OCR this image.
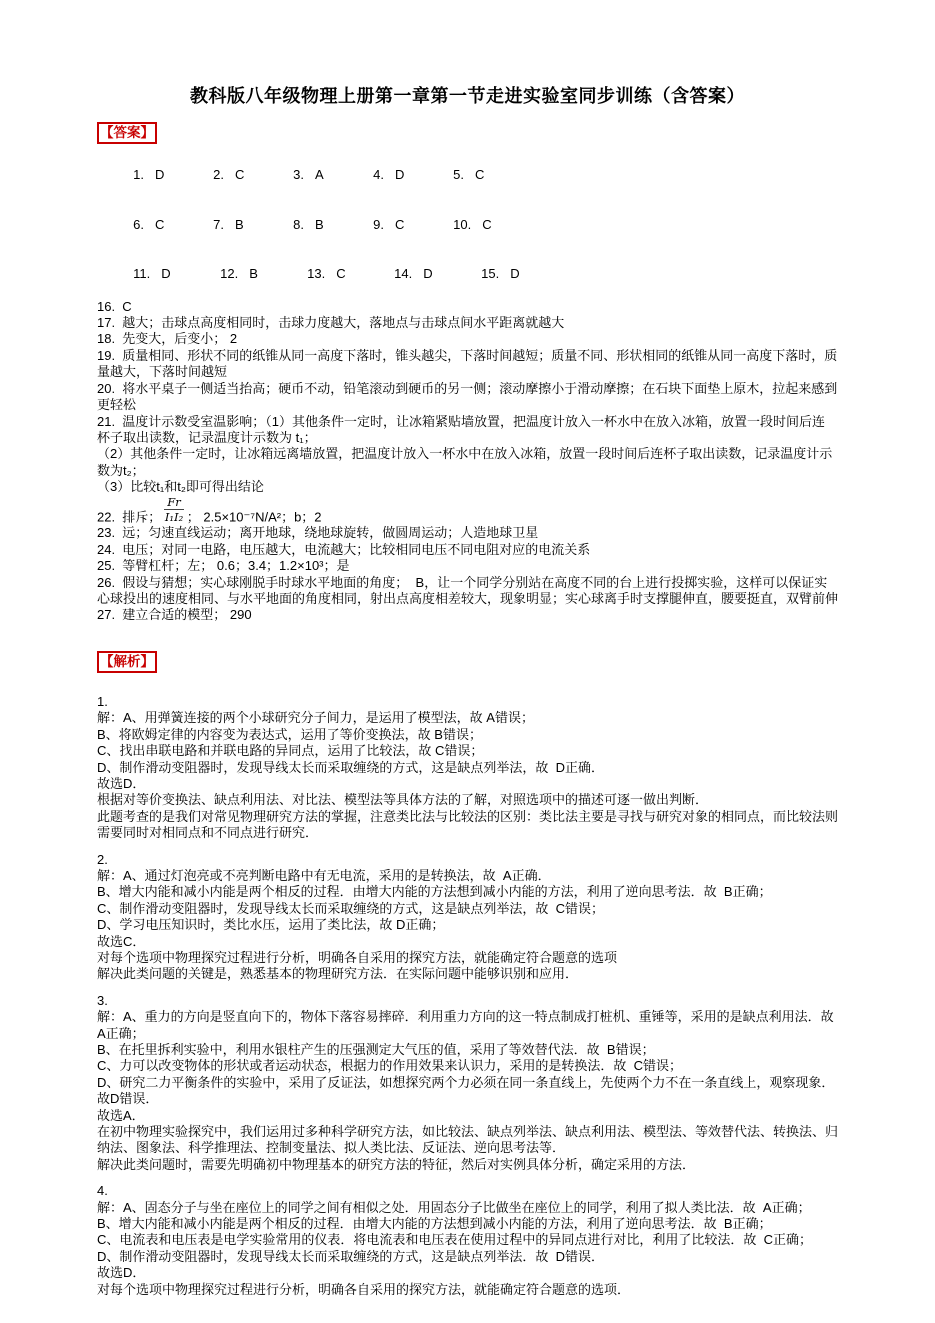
教科版八年级物理上册第一章第一节走进实验室同步训练（含答案）
【答案】

1. D	2. C	3. A	4. D	5. C

6. C	7. B	8. B	9. C	10. C

11. D	12. B	13. C	14. D	15. D

16.  C

17.  越大；击球点高度相同时，击球力度越大，落地点与击球点间水平距离就越大

18.  先变大，后变小； 2

19.  质量相同、形状不同的纸锥从同一高度下落时，锥头越尖，下落时间越短；质量不同、形状相同的纸锥从同一高度下落时，质量越大，下落时间越短

20.  将水平桌子一侧适当抬高；硬币不动，铅笔滚动到硬币的另一侧；滚动摩擦小于滑动摩擦；在石块下面垫上原木，拉起来感到更轻松

21.  温度计示数受室温影响；（1）其他条件一定时，让冰箱紧贴墙放置，把温度计放入一杯水中在放入冰箱，放置一段时间后连杯子取出读数，记录温度计示数为 t₁；

（2）其他条件一定时，让冰箱远离墙放置，把温度计放入一杯水中在放入冰箱，放置一段时间后连杯子取出读数，记录温度计示数为t₂；

（3）比较t₁和t₂即可得出结论

22.  排斥； $\frac{Fr}{\text{I₁I₂}}$ ； 2.5×10⁻⁷N/A²；b；2

23.  远；匀速直线运动；离开地球，绕地球旋转，做圆周运动；人造地球卫星

24.  电压；对同一电路，电压越大，电流越大；比较相同电压不同电阻对应的电流关系

25.  等臂杠杆；左； 0.6；3.4；1.2×10³；是

26.  假设与猜想；实心球刚脱手时球水平地面的角度；  B，让一个同学分别站在高度不同的台上进行投掷实验，这样可以保证实心球投出的速度相同、与水平地面的角度相同，射出点高度相差较大，现象明显；实心球离手时支撑腿伸直，腰要挺直，双臂前伸

27.  建立合适的模型； 290

【解析】

1.

解：A、用弹簧连接的两个小球研究分子间力，是运用了模型法，故 A错误；

B、将欧姆定律的内容变为表达式，运用了等价变换法，故 B错误；

C、找出串联电路和并联电路的异同点，运用了比较法，故 C错误；

D、制作滑动变阻器时，发现导线太长而采取缠绕的方式，这是缺点列举法，故  D正确．

故选D．

根据对等价变换法、缺点利用法、对比法、模型法等具体方法的了解，对照选项中的描述可逐一做出判断．

此题考查的是我们对常见物理研究方法的掌握，注意类比法与比较法的区别：类比法主要是寻找与研究对象的相同点，而比较法则需要同时对相同点和不同点进行研究．

2.

解：A、通过灯泡亮或不亮判断电路中有无电流，采用的是转换法，故  A正确．

B、增大内能和减小内能是两个相反的过程．由增大内能的方法想到减小内能的方法，利用了逆向思考法．故  B正确；

C、制作滑动变阻器时，发现导线太长而采取缠绕的方式，这是缺点列举法，故  C错误；

D、学习电压知识时，类比水压，运用了类比法，故 D正确；

故选C．

对每个选项中物理探究过程进行分析，明确各自采用的探究方法，就能确定符合题意的选项

解决此类问题的关键是，熟悉基本的物理研究方法．在实际问题中能够识别和应用．

3.

解：A、重力的方向是竖直向下的，物体下落容易摔碎．利用重力方向的这一特点制成打桩机、重锤等，采用的是缺点利用法．故A正确；

B、在托里拆利实验中，利用水银柱产生的压强测定大气压的值，采用了等效替代法．故  B错误；

C、力可以改变物体的形状或者运动状态，根据力的作用效果来认识力，采用的是转换法．故  C错误；

D、研究二力平衡条件的实验中，采用了反证法，如想探究两个力必须在同一条直线上，先使两个力不在一条直线上，观察现象．故D错误．

故选A．

在初中物理实验探究中，我们运用过多种科学研究方法，如比较法、缺点列举法、缺点利用法、模型法、等效替代法、转换法、归纳法、图象法、科学推理法、控制变量法、拟人类比法、反证法、逆向思考法等．

解决此类问题时，需要先明确初中物理基本的研究方法的特征，然后对实例具体分析，确定采用的方法．

4.

解：A、固态分子与坐在座位上的同学之间有相似之处．用固态分子比做坐在座位上的同学，利用了拟人类比法．故  A正确；

B、增大内能和减小内能是两个相反的过程．由增大内能的方法想到减小内能的方法，利用了逆向思考法．故  B正确；

C、电流表和电压表是电学实验常用的仪表．将电流表和电压表在使用过程中的异同点进行对比，利用了比较法．故  C正确；

D、制作滑动变阻器时，发现导线太长而采取缠绕的方式，这是缺点列举法．故  D错误．

故选D．

对每个选项中物理探究过程进行分析，明确各自采用的探究方法，就能确定符合题意的选项．
